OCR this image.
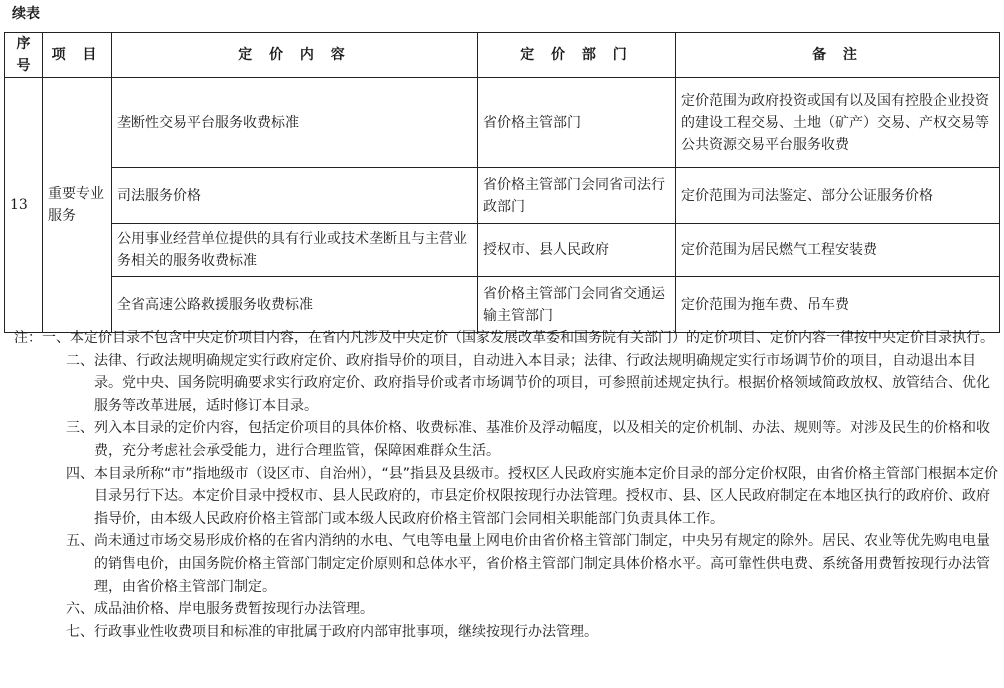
续表
序号	项 目	定 价 内 容	定 价 部 门	备 注
13	重要专业服务	垄断性交易平台服务收费标准	省价格主管部门	定价范围为政府投资或国有以及国有控股企业投资的建设工程交易、土地（矿产）交易、产权交易等公共资源交易平台服务收费
		司法服务价格	省价格主管部门会同省司法行政部门	定价范围为司法鉴定、部分公证服务价格
		公用事业经营单位提供的具有行业或技术垄断且与主营业务相关的服务收费标准	授权市、县人民政府	定价范围为居民燃气工程安装费
		全省高速公路救援服务收费标准	省价格主管部门会同省交通运输主管部门	定价范围为拖车费、吊车费
注：一、 本定价目录不包含中央定价项目内容，在省内凡涉及中央定价（国家发展改革委和国务院有关部门）的定价项目、定价内容一律按中央定价目录执行。
二、 法律、行政法规明确规定实行政府定价、政府指导价的项目，自动进入本目录；法律、行政法规明确规定实行市场调节价的项目，自动退出本目录。党中央、国务院明确要求实行政府定价、政府指导价或者市场调节价的项目，可参照前述规定执行。根据价格领域简政放权、放管结合、优化服务等改革进展，适时修订本目录。
三、 列入本目录的定价内容，包括定价项目的具体价格、收费标准、基准价及浮动幅度，以及相关的定价机制、办法、规则等。对涉及民生的价格和收费，充分考虑社会承受能力，进行合理监管，保障困难群众生活。
四、 本目录所称“市”指地级市（设区市、自治州），“县”指县及县级市。授权区人民政府实施本定价目录的部分定价权限，由省价格主管部门根据本定价目录另行下达。本定价目录中授权市、县人民政府的，市县定价权限按现行办法管理。授权市、县、区人民政府制定在本地区执行的政府价、政府指导价，由本级人民政府价格主管部门或本级人民政府价格主管部门会同相关职能部门负责具体工作。
五、 尚未通过市场交易形成价格的在省内消纳的水电、气电等电量上网电价由省价格主管部门制定，中央另有规定的除外。居民、农业等优先购电电量的销售电价，由国务院价格主管部门制定定价原则和总体水平，省价格主管部门制定具体价格水平。高可靠性供电费、系统备用费暂按现行办法管理，由省价格主管部门制定。
六、 成品油价格、岸电服务费暂按现行办法管理。
七、 行政事业性收费项目和标准的审批属于政府内部审批事项，继续按现行办法管理。
